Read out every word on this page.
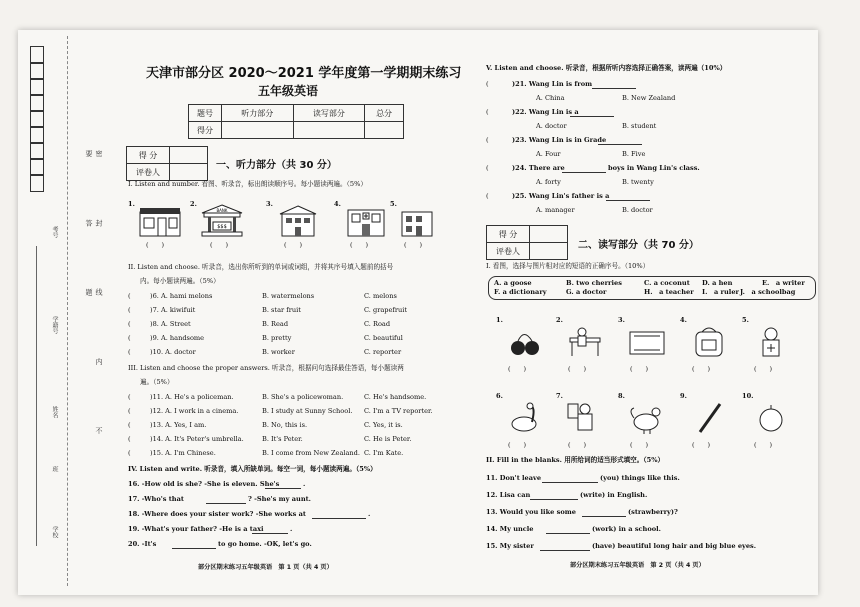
考号
学籍号
姓名
班
学校
密 封 线 内 不 要 答 题
天津市部分区 2020～2021 学年度第一学期期末练习
五年级英语
题号	听力部分	读写部分	总分
得分			
得 分	
评卷人	
一、听力部分（共 30 分）
I. Listen and number. 看图、听录音，标出朗读顺序号。每小题读两遍。（5%）
1.	2.
$$$
BANK
3.	4.	5.
(　　)	(　　)	(　　)	(　　)	(　　)
II. Listen and choose. 听录音，选出你所听到的单词或词组，并将其序号填入题前的括号
内。每小题读两遍。（5%）
(	)6. A. hami melons	B. watermelons	C. melons
(	)7. A. kiwifuit	B. star fruit	C. grapefruit
(	)8. A. Street	B. Read	C. Road
(	)9. A. handsome	B. pretty	C. beautiful
(	)10. A. doctor	B. worker	C. reporter
III. Listen and choose the proper answers. 听录音，根据问句选择最佳答语，每小题读两
遍。（5%）
(	)11. A. He's a policeman.	B. She's a policewoman.	C. He's handsome.
(	)12. A. I work in a cinema.	B. I study at Sunny School. C. I'm a TV reporter.
(	)13. A. Yes, I am.	B. No, this is.	C. Yes, it is.
(	)14. A. It's Peter's umbrella.	B. It's Peter.	C. He is Peter.
(	)15. A. I'm Chinese.	B. I come from New Zealand. C. I'm Kate.
IV. Listen and write. 听录音，填入所缺单词。每空一词，每小题读两遍。（5%）
16. -How old is she? -She is eleven. She's	.
17. -Who's that	? -She's my aunt.
18. -Where does your sister work? -She works at	.
19. -What's your father? -He is a taxi	.
20. -It's	to go home. -OK, let's go.
部分区期末练习五年级英语　第 1 页（共 4 页）
V. Listen and choose. 听录音，根据所听内容选择正确答案，读两遍（10%）
(	)21. Wang Lin is from
A. China	B. New Zealand
(	)22. Wang Lin is a
A. doctor	B. student
(	)23. Wang Lin is in Grade
A. Four	B. Five
(	)24. There are	boys in Wang Lin's class.
A. forty	B. twenty
(	)25. Wang Lin's father is a
A. manager	B. doctor
得 分	
评卷人		二、读写部分（共 70 分）
I. 看图，选择与图片相对应的短语的正确序号。（10%）
A. a goose	B. two cherries	C. a coconut D. a hen	E.　a writer
F. a dictionary	G. a doctor	H.　a teacher I.　a ruler J.　a schoolbag
1.
(　　)
2.
(　　)
3.
(　　)
4.
(　　)
5.
(　　)
6.
(　　)
7.
(　　)
8.
(　　)
9.
(　　)
10.
(　　)
II. Fill in the blanks. 用所给词的适当形式填空。（5%）
11. Don't leave	(you) things like this.
12. Lisa can	(write) in English.
13. Would you like some	(strawberry)?
14. My uncle	(work) in a school.
15. My sister	(have) beautiful long hair and big blue eyes.
部分区期末练习五年级英语　第 2 页（共 4 页）
